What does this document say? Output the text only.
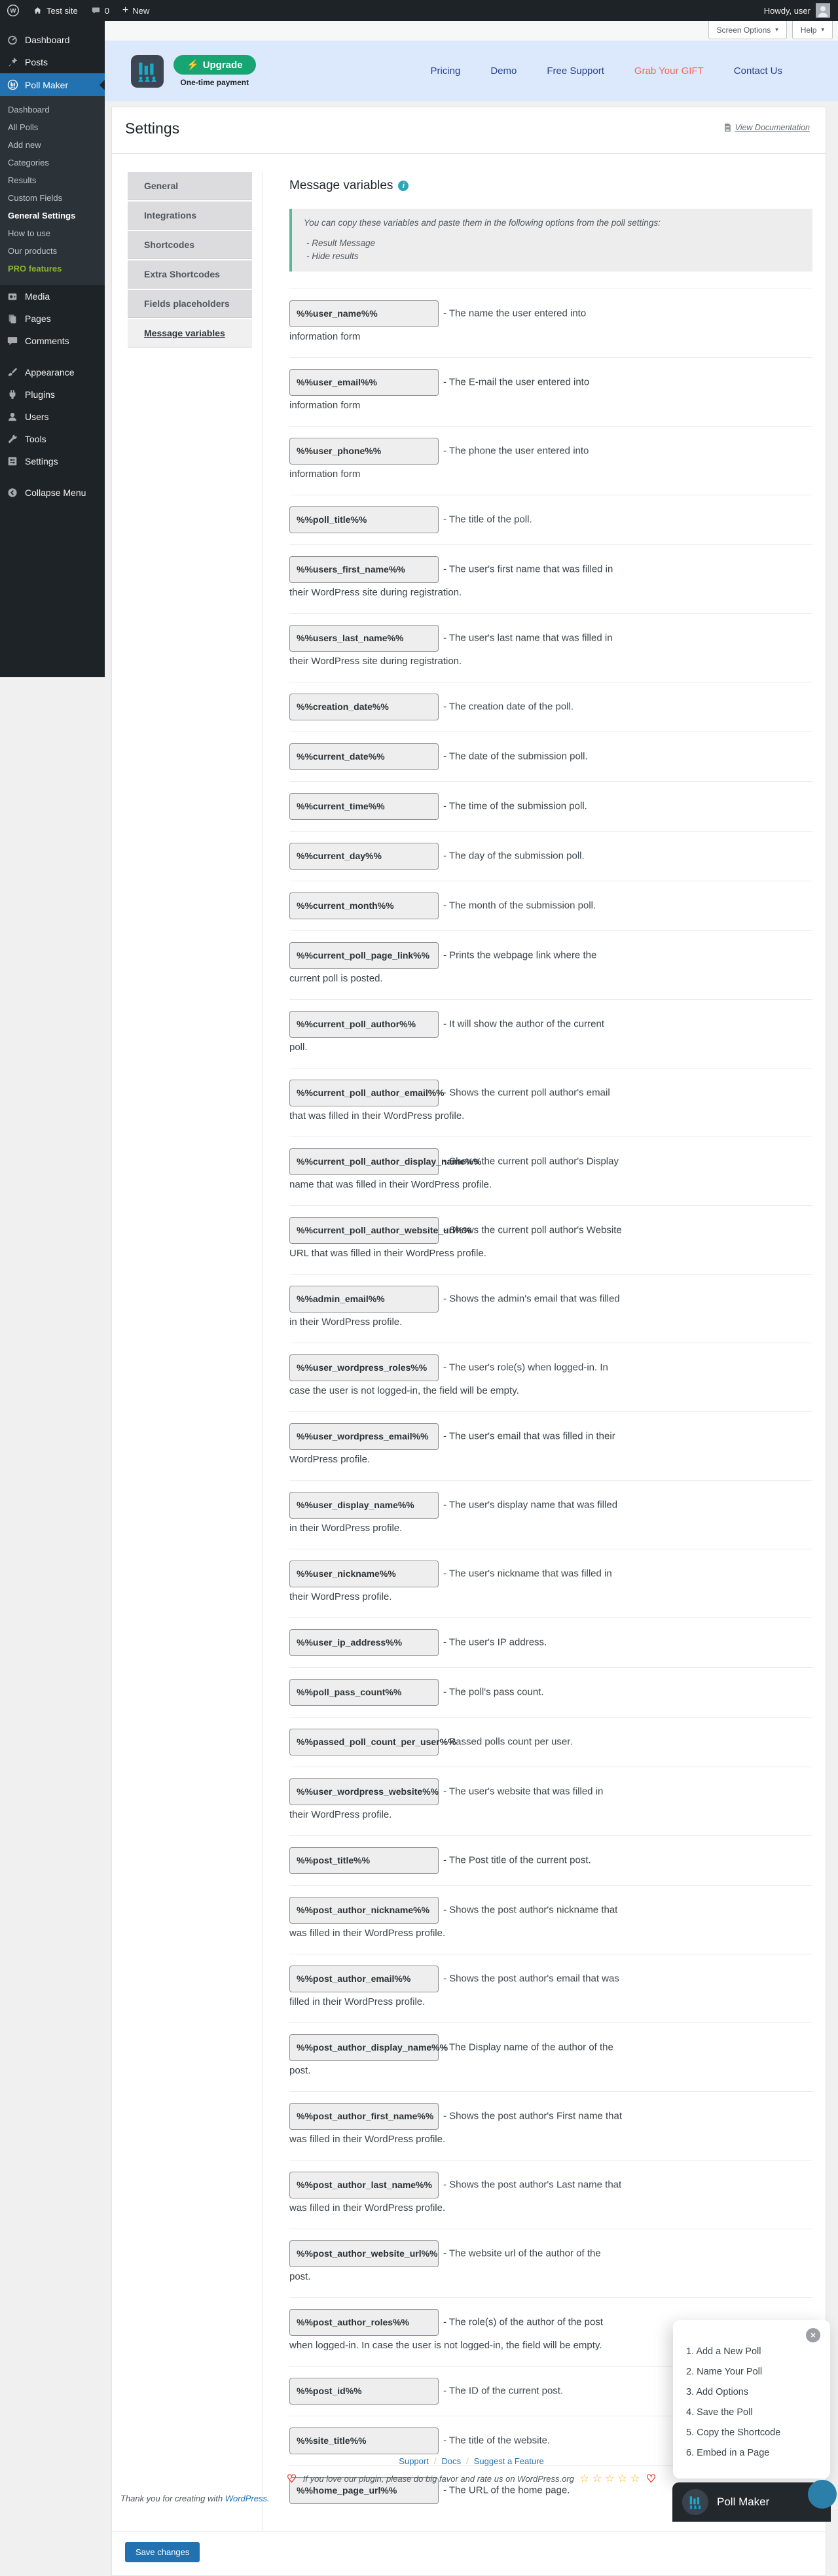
W	Test site	0 + New	Howdy, user
Dashboard
Posts
Poll Maker
Dashboard
All Polls
Add new
Categories
Results
Custom Fields
General Settings
How to use
Our products
PRO features
Media
Pages
Comments
Appearance
Plugins
Users
Tools
Settings
Collapse Menu
Screen Options ▾	Help ▾
⚡ Upgrade
One-time payment
Pricing	Demo	Free Support	Grab Your GIFT	Contact Us
Settings	View Documentation
General
Integrations
Shortcodes
Extra Shortcodes
Fields placeholders
Message variables
Message variables	i

You can copy these variables and paste them in the following options from the poll settings:

- Result Message

- Hide results

%%user_name%%	- The name the user entered into information form
%%user_email%%	- The E-mail the user entered into information form
%%user_phone%%	- The phone the user entered into information form
%%poll_title%%	- The title of the poll.
%%users_first_name%%	- The user's first name that was filled in their WordPress site during registration.
%%users_last_name%%	- The user's last name that was filled in their WordPress site during registration.
%%creation_date%%	- The creation date of the poll.
%%current_date%%	- The date of the submission poll.
%%current_time%%	- The time of the submission poll.
%%current_day%%	- The day of the submission poll.
%%current_month%%	- The month of the submission poll.
%%current_poll_page_link%% - Prints the webpage link where the current poll is posted.
%%current_poll_author%%	- It will show the author of the current poll.
%%current_poll_author_email%%- Shows the current poll author's email that was filled in their WordPress profile.
%%current_poll_author_display_name%%- Shows the current poll author's Display name that was filled in their WordPress profile.
%%current_poll_author_website_url%%- Shows the current poll author's Website URL that was filled in their WordPress profile.
%%admin_email%%	- Shows the admin's email that was filled in their WordPress profile.
%%user_wordpress_roles%% - The user's role(s) when logged-in. In case the user is not logged-in, the field will be empty.
%%user_wordpress_email%% - The user's email that was filled in their WordPress profile.
%%user_display_name%%	- The user's display name that was filled in their WordPress profile.
%%user_nickname%%	- The user's nickname that was filled in their WordPress profile.
%%user_ip_address%%	- The user's IP address.
%%poll_pass_count%%	- The poll's pass count.
%%passed_poll_count_per_user%%- Passed polls count per user.
%%user_wordpress_website%% - The user's website that was filled in their WordPress profile.
%%post_title%%	- The Post title of the current post.
%%post_author_nickname%% - Shows the post author's nickname that was filled in their WordPress profile.
%%post_author_email%%	- Shows the post author's email that was filled in their WordPress profile.
%%post_author_display_name%%- The Display name of the author of the post.
%%post_author_first_name%% - Shows the post author's First name that was filled in their WordPress profile.
%%post_author_last_name%% - Shows the post author's Last name that was filled in their WordPress profile.
%%post_author_website_url%% - The website url of the author of the post.
%%post_author_roles%%	- The role(s) of the author of the post when logged-in. In case the user is not logged-in, the field will be empty.
%%post_id%%	- The ID of the current post.
%%site_title%%	- The title of the website.
%%home_page_url%%	- The URL of the home page.
Save changes
Support / Docs / Suggest a Feature
♡ If you love our plugin, please do big favor and rate us on WordPress.org ☆ ☆ ☆ ☆ ☆ ♡
Thank you for creating with WordPress.
✕
1. Add a New Poll
2. Name Your Poll
3. Add Options
4. Save the Poll
5. Copy the Shortcode
6. Embed in a Page
Poll Maker
